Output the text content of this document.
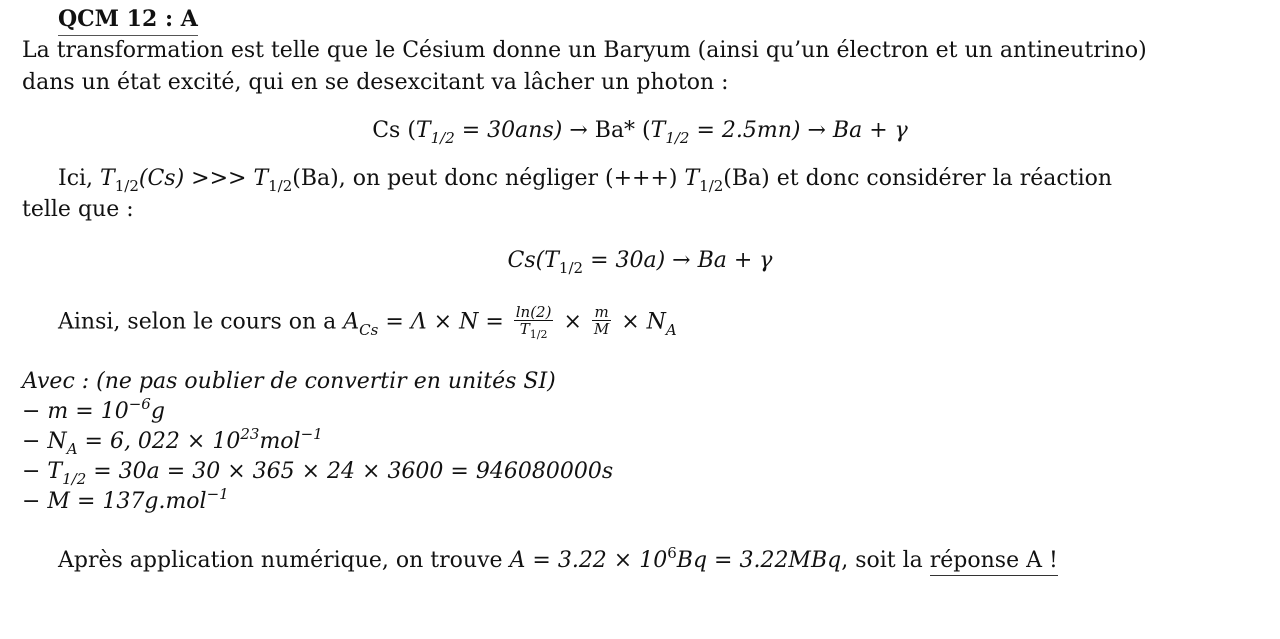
QCM 12 : A
La transformation est telle que le Césium donne un Baryum (ainsi qu’un électron et un antineutrino)
dans un état excité, qui en se desexcitant va lâcher un photon :
Cs $(T_{1/2} = 30ans) \to Ba*$ $(T_{1/2} = 2.5mn) \to Ba + \gamma$
Ici, $T_{1/2}(Cs)$ >>> $T_{1/2}(Ba)$, on peut donc négliger (+++) $T_{1/2}(Ba)$ et donc considérer la réaction
telle que :
$Cs(T_{1/2} = 30a) \to Ba + \gamma$
Ainsi, selon le cours on a $A_{Cs} = \Lambda \times N = \frac{\ln(2)}{T_{1/2}} \times \frac{m}{M} \times N_A$
Avec : (ne pas oublier de convertir en unités SI)
− $m = 10^{-6}g$
− $N_A = 6$, $022 \times 10^{23}mol^{-1}$
− $T_{1/2} = 30a = 30 \times 365 \times 24 \times 3600 = 946080000s$
− M = 137g.mol$^{-1}$
Après application numérique, on trouve $A = 3.22 \times 10^6Bq = 3.22MBq$, soit la réponse A !
